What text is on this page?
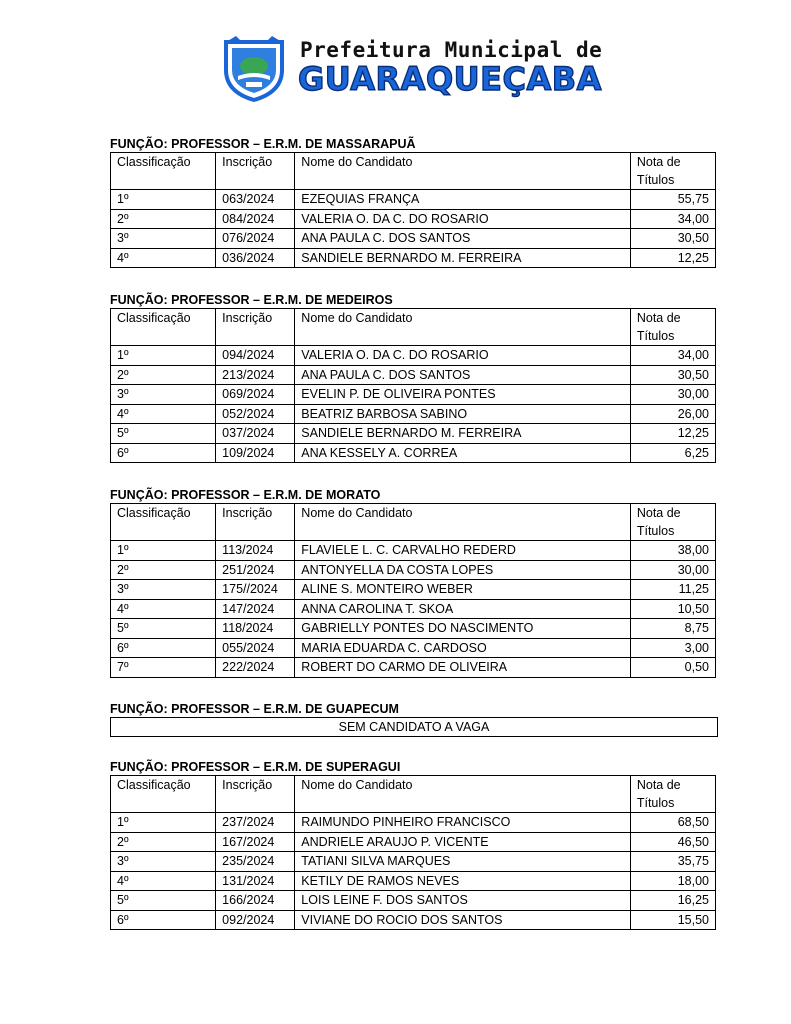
Prefeitura Municipal de
GUARAQUEÇABA
FUNÇÃO: PROFESSOR – E.R.M. DE MASSARAPUÃ
Classificação	Inscrição	Nome do Candidato	Nota de
Títulos
1º	063/2024	EZEQUIAS FRANÇA	55,75
2º	084/2024	VALERIA O. DA C. DO ROSARIO	34,00
3º	076/2024	ANA PAULA C. DOS SANTOS	30,50
4º	036/2024	SANDIELE BERNARDO M. FERREIRA	12,25
FUNÇÃO: PROFESSOR – E.R.M. DE MEDEIROS
Classificação	Inscrição	Nome do Candidato	Nota de
Títulos
1º	094/2024	VALERIA O. DA C. DO ROSARIO	34,00
2º	213/2024	ANA PAULA C. DOS SANTOS	30,50
3º	069/2024	EVELIN P. DE OLIVEIRA PONTES	30,00
4º	052/2024	BEATRIZ BARBOSA SABINO	26,00
5º	037/2024	SANDIELE BERNARDO M. FERREIRA	12,25
6º	109/2024	ANA KESSELY A. CORREA	6,25
FUNÇÃO: PROFESSOR – E.R.M. DE MORATO
Classificação	Inscrição	Nome do Candidato	Nota de
Títulos
1º	113/2024	FLAVIELE L. C. CARVALHO REDERD	38,00
2º	251/2024	ANTONYELLA DA COSTA LOPES	30,00
3º	175//2024	ALINE S. MONTEIRO WEBER	11,25
4º	147/2024	ANNA CAROLINA T. SKOA	10,50
5º	118/2024	GABRIELLY PONTES DO NASCIMENTO	8,75
6º	055/2024	MARIA EDUARDA C. CARDOSO	3,00
7º	222/2024	ROBERT DO CARMO DE OLIVEIRA	0,50
FUNÇÃO: PROFESSOR – E.R.M. DE GUAPECUM
SEM CANDIDATO A VAGA
FUNÇÃO: PROFESSOR – E.R.M. DE SUPERAGUI
Classificação	Inscrição	Nome do Candidato	Nota de
Títulos
1º	237/2024	RAIMUNDO PINHEIRO FRANCISCO	68,50
2º	167/2024	ANDRIELE ARAUJO P. VICENTE	46,50
3º	235/2024	TATIANI SILVA MARQUES	35,75
4º	131/2024	KETILY DE RAMOS NEVES	18,00
5º	166/2024	LOIS LEINE F. DOS SANTOS	16,25
6º	092/2024	VIVIANE DO ROCIO DOS SANTOS	15,50
